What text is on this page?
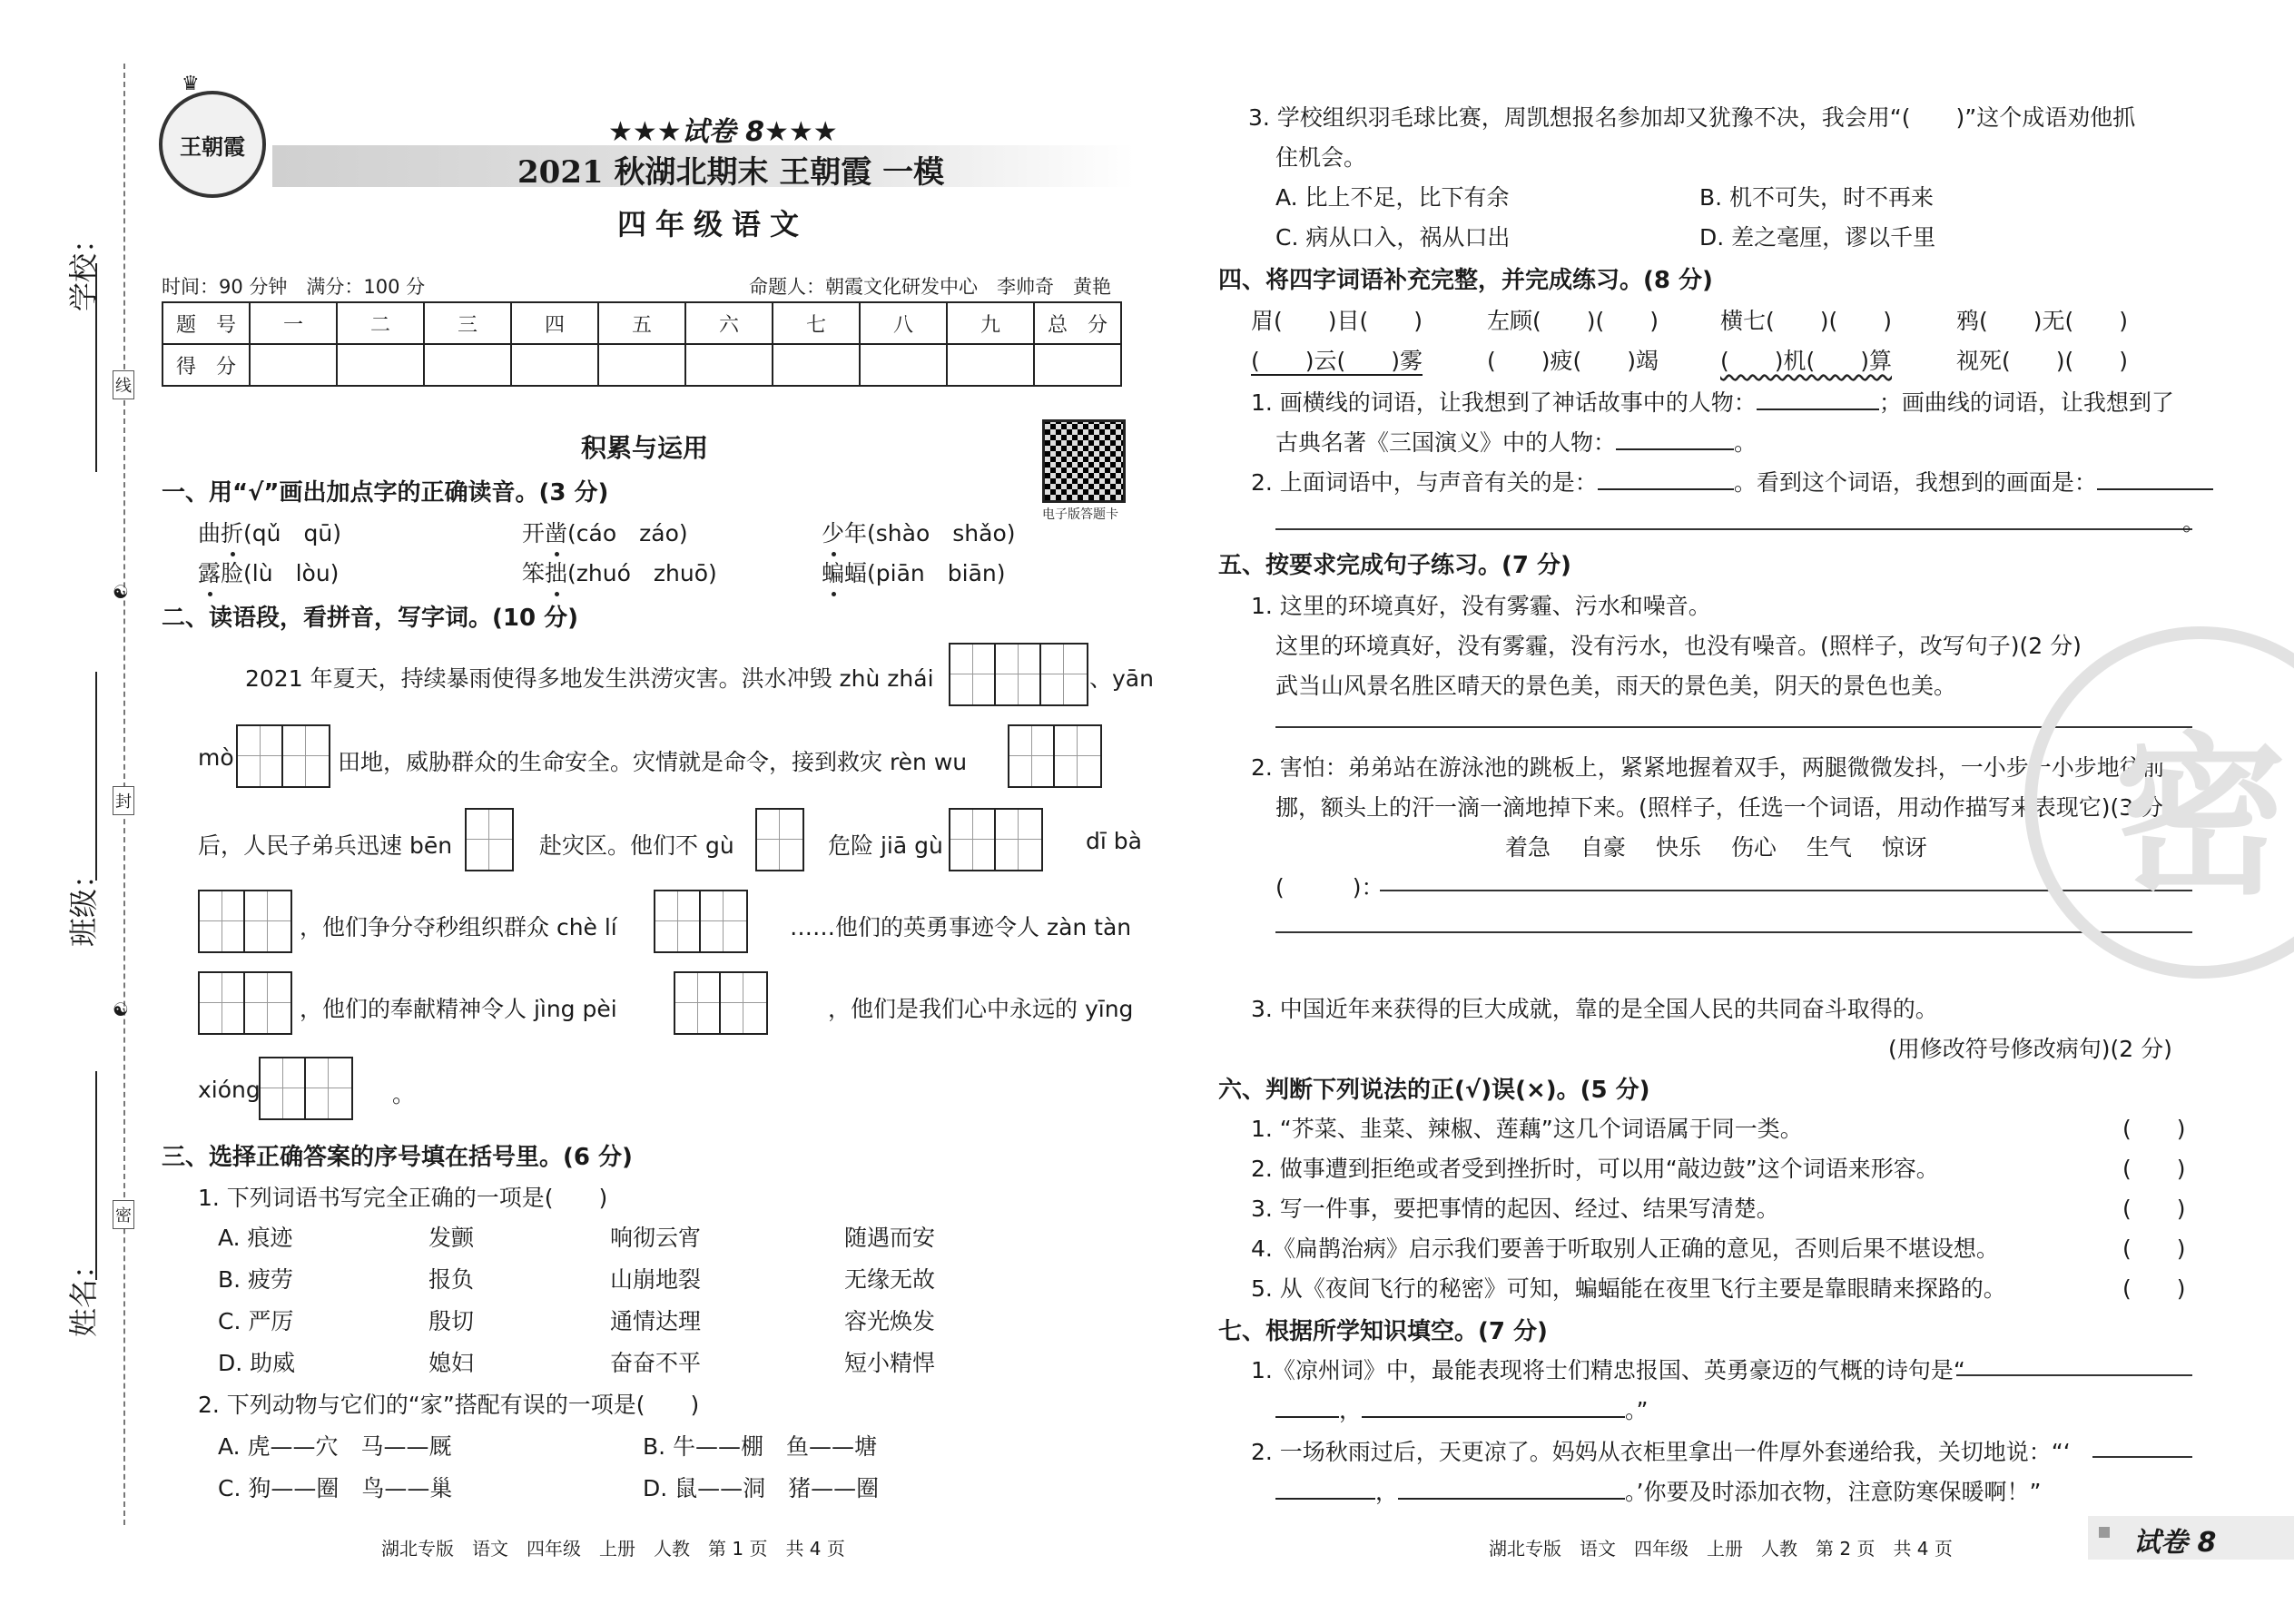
学校：
班级：
姓名：
线
封
密
☯
☯
王朝霞
♛
★★★试卷 8★★★
2021 秋湖北期末 王朝霞 一模
四年级语文
时间：90 分钟　满分：100 分	命题人：朝霞文化研发中心　李帅奇　黄艳
题　号	一	二	三	四	五	六	七	八	九	总　分
得　分										
积累与运用
电子版答题卡
一、用“√”画出加点字的正确读音。(3 分)
曲折(qǔ　qū)	开凿(cáo　záo)	少年(shào　shǎo)
露脸(lù　lòu)	笨拙(zhuó　zhuō)	蝙蝠(piān　biān)
二、读语段，看拼音，写字词。(10 分)
2021 年夏天，持续暴雨使得多地发生洪涝灾害。洪水冲毁 zhù zhái	、yān
mò	田地，威胁群众的生命安全。灾情就是命令，接到救灾 rèn wu
后，人民子弟兵迅速 bēn	赴灾区。他们不 gù	危险 jiā gù	dī bà
，他们争分夺秒组织群众 chè lí	……他们的英勇事迹令人 zàn tàn
，他们的奉献精神令人 jìng pèi	，他们是我们心中永远的 yīng
xióng	。
三、选择正确答案的序号填在括号里。(6 分)
1. 下列词语书写完全正确的一项是(　　)
A. 痕迹	发颤	响彻云宵	随遇而安
B. 疲劳	报负	山崩地裂	无缘无故
C. 严厉	殷切	通情达理	容光焕发
D. 助威	媳妇	奋奋不平	短小精悍
2. 下列动物与它们的“家”搭配有误的一项是(　　)
A. 虎——穴　马——厩	B. 牛——棚　鱼——塘
C. 狗——圈　鸟——巢	D. 鼠——洞　猪——圈
湖北专版　语文　四年级　上册　人教　第 1 页　共 4 页
3. 学校组织羽毛球比赛，周凯想报名参加却又犹豫不决，我会用“(　　)”这个成语劝他抓
住机会。
A. 比上不足，比下有余	B. 机不可失，时不再来
C. 病从口入，祸从口出	D. 差之毫厘，谬以千里
四、将四字词语补充完整，并完成练习。(8 分)
眉(　　)目(　　)	左顾(　　)(　　)	横七(　　)(　　)	鸦(　　)无(　　)
(　　)云(　　)雾	(　　)疲(　　)竭	(　　)机(　　)算	视死(　　)(　　)
1. 画横线的词语，让我想到了神话故事中的人物：	；画曲线的词语，让我想到了
古典名著《三国演义》中的人物：	。
2. 上面词语中，与声音有关的是：	。看到这个词语，我想到的画面是：
。
五、按要求完成句子练习。(7 分)
1. 这里的环境真好，没有雾霾、污水和噪音。
这里的环境真好，没有雾霾，没有污水，也没有噪音。(照样子，改写句子)(2 分)
武当山风景名胜区晴天的景色美，雨天的景色美，阴天的景色也美。
2. 害怕：弟弟站在游泳池的跳板上，紧紧地握着双手，两腿微微发抖，一小步一小步地往前
挪，额头上的汗一滴一滴地掉下来。(照样子，任选一个词语，用动作描写来表现它)(3 分)
着急　 自豪　 快乐　 伤心　 生气　 惊讶
(　　　)：
3. 中国近年来获得的巨大成就，靠的是全国人民的共同奋斗取得的。
(用修改符号修改病句)(2 分)
六、判断下列说法的正(√)误(×)。(5 分)
1. “芥菜、韭菜、辣椒、莲藕”这几个词语属于同一类。	(　　)
2. 做事遭到拒绝或者受到挫折时，可以用“敲边鼓”这个词语来形容。	(　　)
3. 写一件事，要把事情的起因、经过、结果写清楚。	(　　)
4.《扁鹊治病》启示我们要善于听取别人正确的意见，否则后果不堪设想。	(　　)
5. 从《夜间飞行的秘密》可知，蝙蝠能在夜里飞行主要是靠眼睛来探路的。	(　　)
七、根据所学知识填空。(7 分)
1.《凉州词》中，最能表现将士们精忠报国、英勇豪迈的气概的诗句是“
，	。”
2. 一场秋雨过后，天更凉了。妈妈从衣柜里拿出一件厚外套递给我，关切地说：“‘
，	。’你要及时添加衣物，注意防寒保暖啊！”
湖北专版　语文　四年级　上册　人教　第 2 页　共 4 页	试卷 8
密
